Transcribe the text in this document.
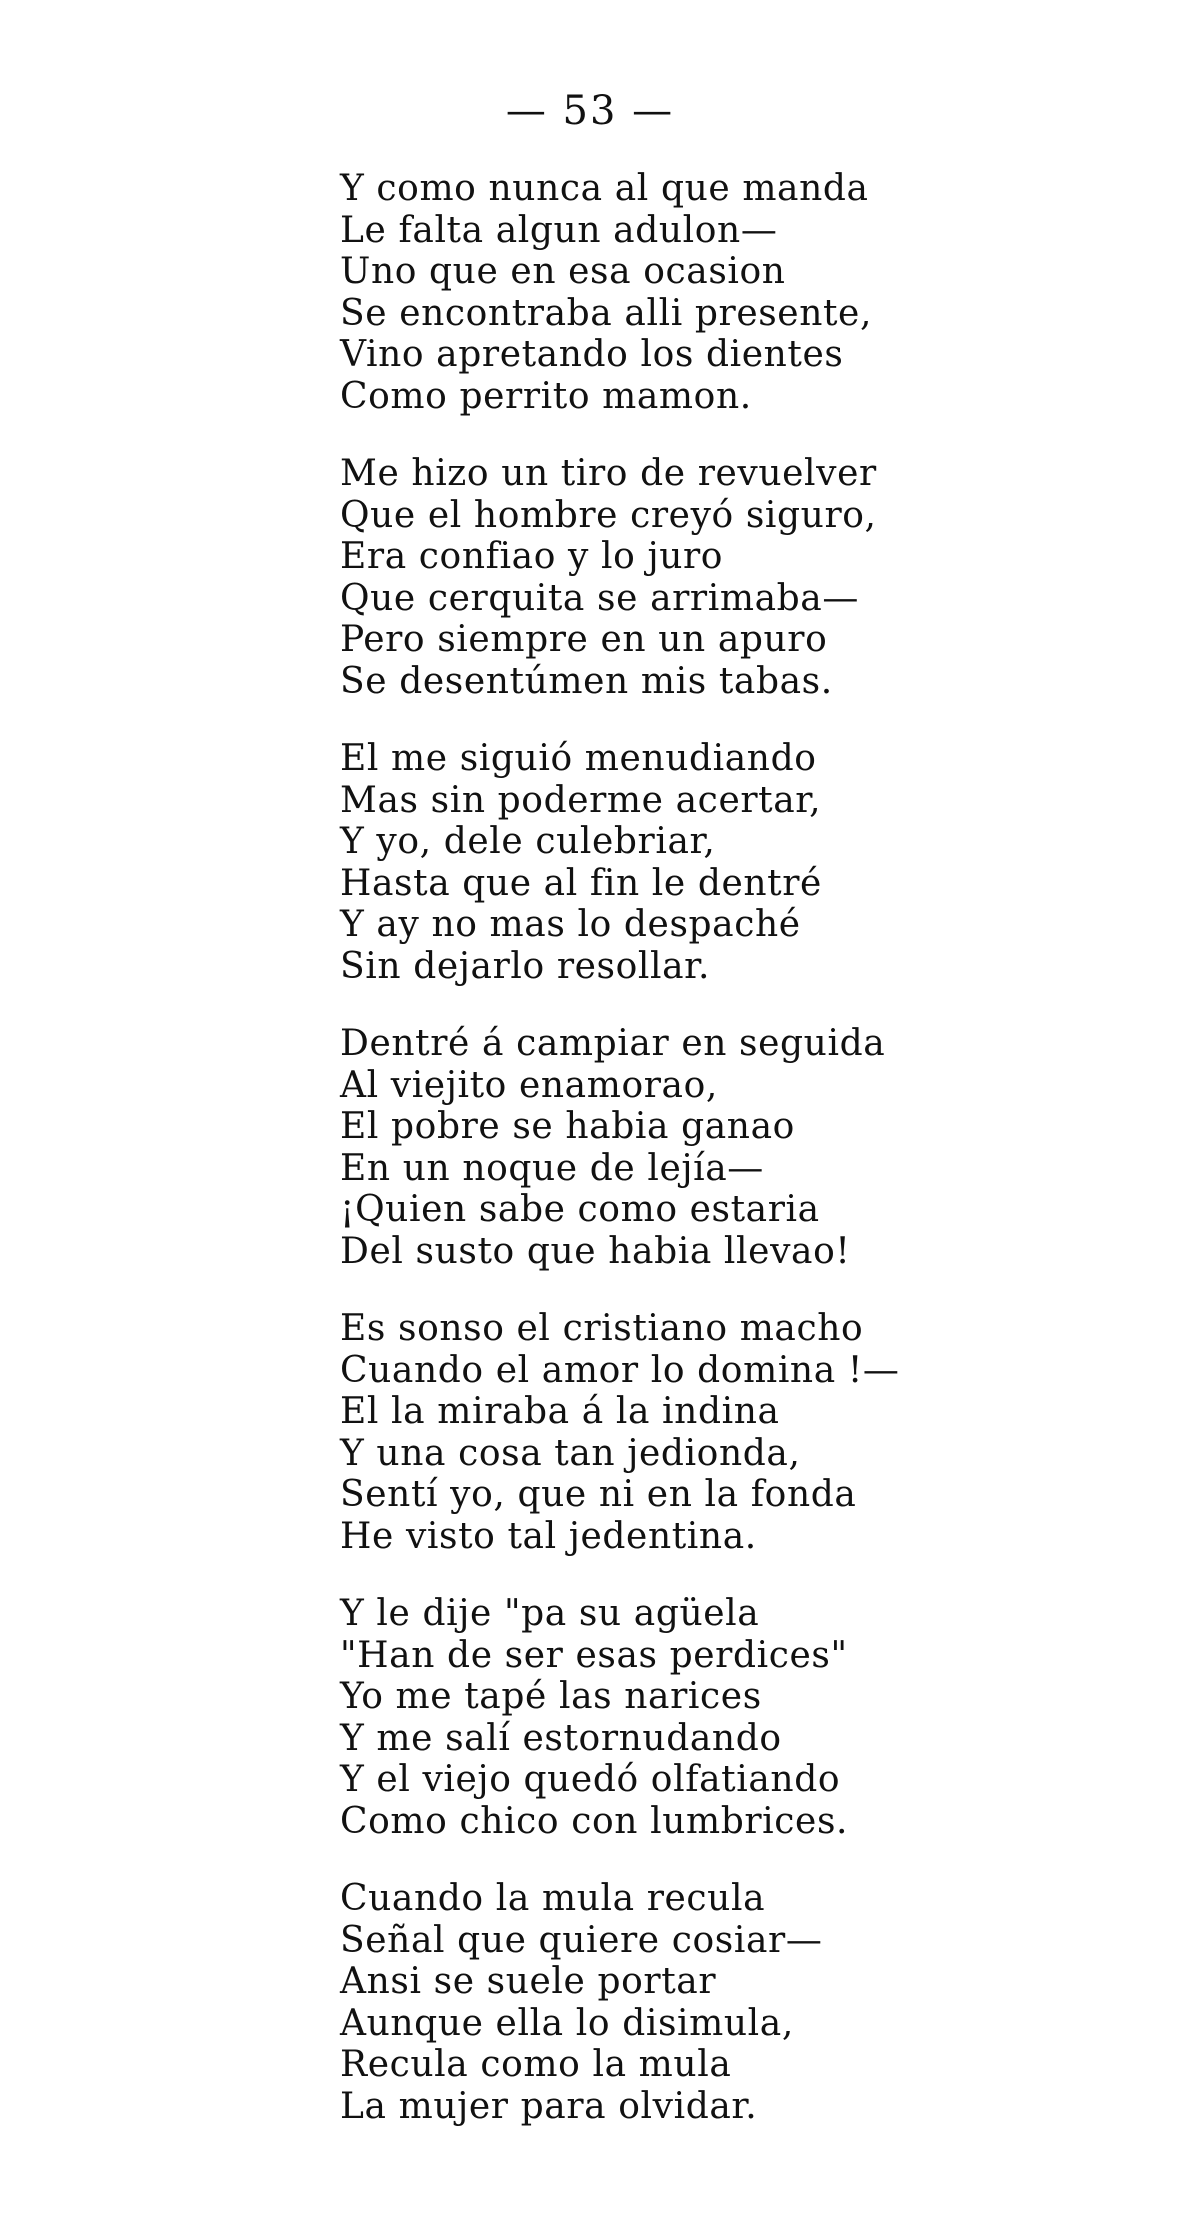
— 53 —
Y como nunca al que manda
Le falta algun adulon—
Uno que en esa ocasion
Se encontraba alli presente,
Vino apretando los dientes
Como perrito mamon.
Me hizo un tiro de revuelver
Que el hombre creyó siguro,
Era confiao y lo juro
Que cerquita se arrimaba—
Pero siempre en un apuro
Se desentúmen mis tabas.
El me siguió menudiando
Mas sin poderme acertar,
Y yo, dele culebriar,
Hasta que al fin le dentré
Y ay no mas lo despaché
Sin dejarlo resollar.
Dentré á campiar en seguida
Al viejito enamorao,
El pobre se habia ganao
En un noque de lejía—
¡Quien sabe como estaria
Del susto que habia llevao!
Es sonso el cristiano macho
Cuando el amor lo domina !—
El la miraba á la indina
Y una cosa tan jedionda,
Sentí yo, que ni en la fonda
He visto tal jedentina.
Y le dije "pa su agüela
"Han de ser esas perdices"
Yo me tapé las narices
Y me salí estornudando
Y el viejo quedó olfatiando
Como chico con lumbrices.
Cuando la mula recula
Señal que quiere cosiar—
Ansi se suele portar
Aunque ella lo disimula,
Recula como la mula
La mujer para olvidar.
